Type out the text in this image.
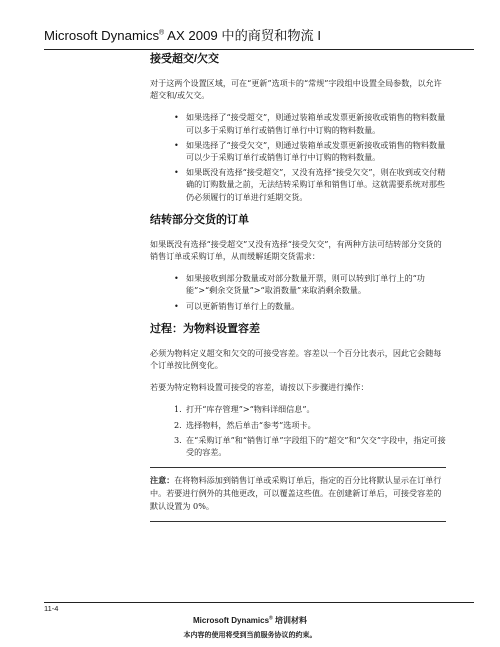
Microsoft Dynamics® AX 2009 中的商贸和物流 I
接受超交/欠交

对于这两个设置区域，可在“更新”选项卡的“常规”字段组中设置全局参数，以允许超交和/或欠交。

• 如果选择了“接受超交”，则通过装箱单或发票更新接收或销售的物料数量可以多于采购订单行或销售订单行中订购的物料数量。
• 如果选择了“接受欠交”，则通过装箱单或发票更新接收或销售的物料数量可以少于采购订单行或销售订单行中订购的物料数量。
• 如果既没有选择“接受超交”，又没有选择“接受欠交”，则在收到或交付精确的订购数量之前，无法结转采购订单和销售订单。这就需要系统对那些仍必须履行的订单进行延期交货。
结转部分交货的订单

如果既没有选择“接受超交”又没有选择“接受欠交”，有两种方法可结转部分交货的销售订单或采购订单，从而缓解延期交货需求：

• 如果接收到部分数量或对部分数量开票，则可以转到订单行上的“功能”>“剩余交货量”>“取消数量”来取消剩余数量。
• 可以更新销售订单行上的数量。
过程：为物料设置容差

必须为物料定义超交和欠交的可接受容差。容差以一个百分比表示，因此它会随每个订单按比例变化。

若要为特定物料设置可接受的容差，请按以下步骤进行操作：

1. 打开“库存管理”>“物料详细信息”。
2. 选择物料，然后单击“参考”选项卡。
3. 在“采购订单”和“销售订单”字段组下的“超交”和“欠交”字段中，指定可接受的容差。
注意：在将物料添加到销售订单或采购订单后，指定的百分比将默认显示在订单行中。若要进行例外的其他更改，可以覆盖这些值。在创建新订单后，可接受容差的默认设置为 0%。
11-4
Microsoft Dynamics® 培训材料
本内容的使用将受到当前服务协议的约束。
